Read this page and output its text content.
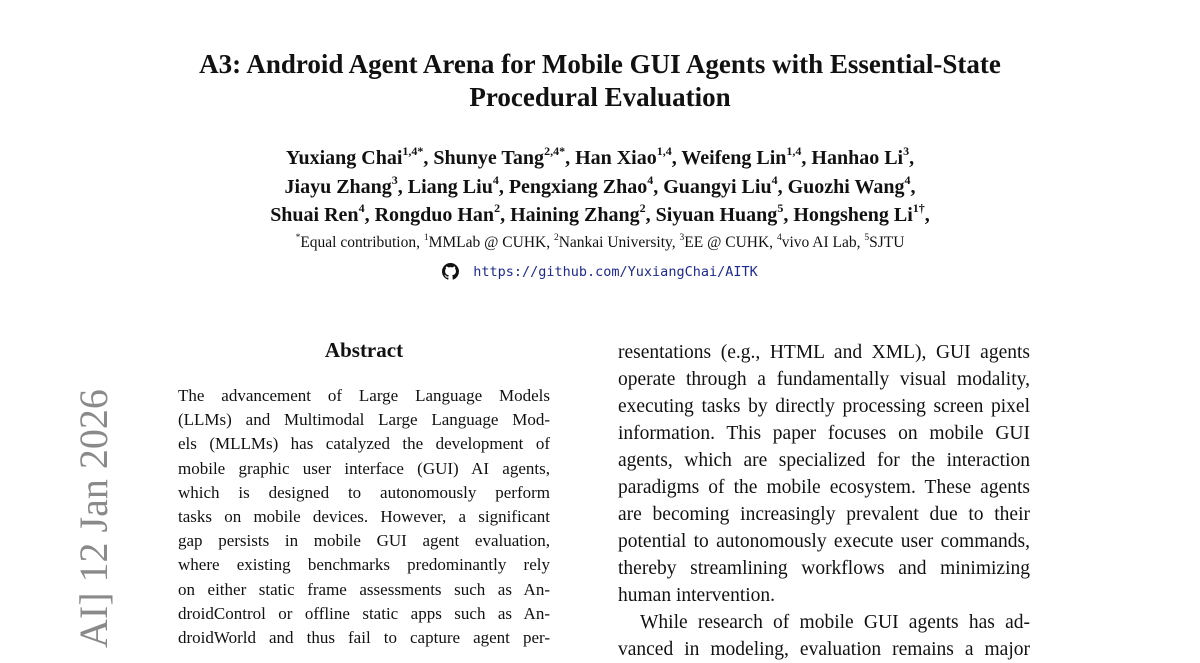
A3: Android Agent Arena for Mobile GUI Agents with Essential-State
Procedural Evaluation
Yuxiang Chai$^{1,4*}$, Shunye Tang$^{2,4*}$, Han Xiao$^{1,4}$, Weifeng Lin$^{1,4}$, Hanhao Li$^3$,
Jiayu Zhang$^3$, Liang Liu$^4$, Pengxiang Zhao$^4$, Guangyi Liu$^4$, Guozhi Wang$^4$,
Shuai Ren$^4$, Rongduo Han$^2$, Haining Zhang$^2$, Siyuan Huang$^5$, Hongsheng $Li^{1\dagger}$,
*Equal contribution, $^1$MMLab @ CUHK, $^2$Nankai University, $^3$EE @ CUHK, $^4$vivo AI Lab, $^5$SJTU
https://github.com/YuxiangChai/AITK
AI] 12 Jan 2026
Abstract
The advancement of Large Language Models
(LLMs) and Multimodal Large Language Mod-
els (MLLMs) has catalyzed the development of
mobile graphic user interface (GUI) AI agents,
which is designed to autonomously perform
tasks on mobile devices. However, a significant
gap persists in mobile GUI agent evaluation,
where existing benchmarks predominantly rely
on either static frame assessments such as An-
droidControl or offline static apps such as An-
droidWorld and thus fail to capture agent per-
resentations (e.g., HTML and XML), GUI agents
operate through a fundamentally visual modality,
executing tasks by directly processing screen pixel
information. This paper focuses on mobile GUI
agents, which are specialized for the interaction
paradigms of the mobile ecosystem. These agents
are becoming increasingly prevalent due to their
potential to autonomously execute user commands,
thereby streamlining workflows and minimizing
human intervention.
While research of mobile GUI agents has ad-
vanced in modeling, evaluation remains a major
